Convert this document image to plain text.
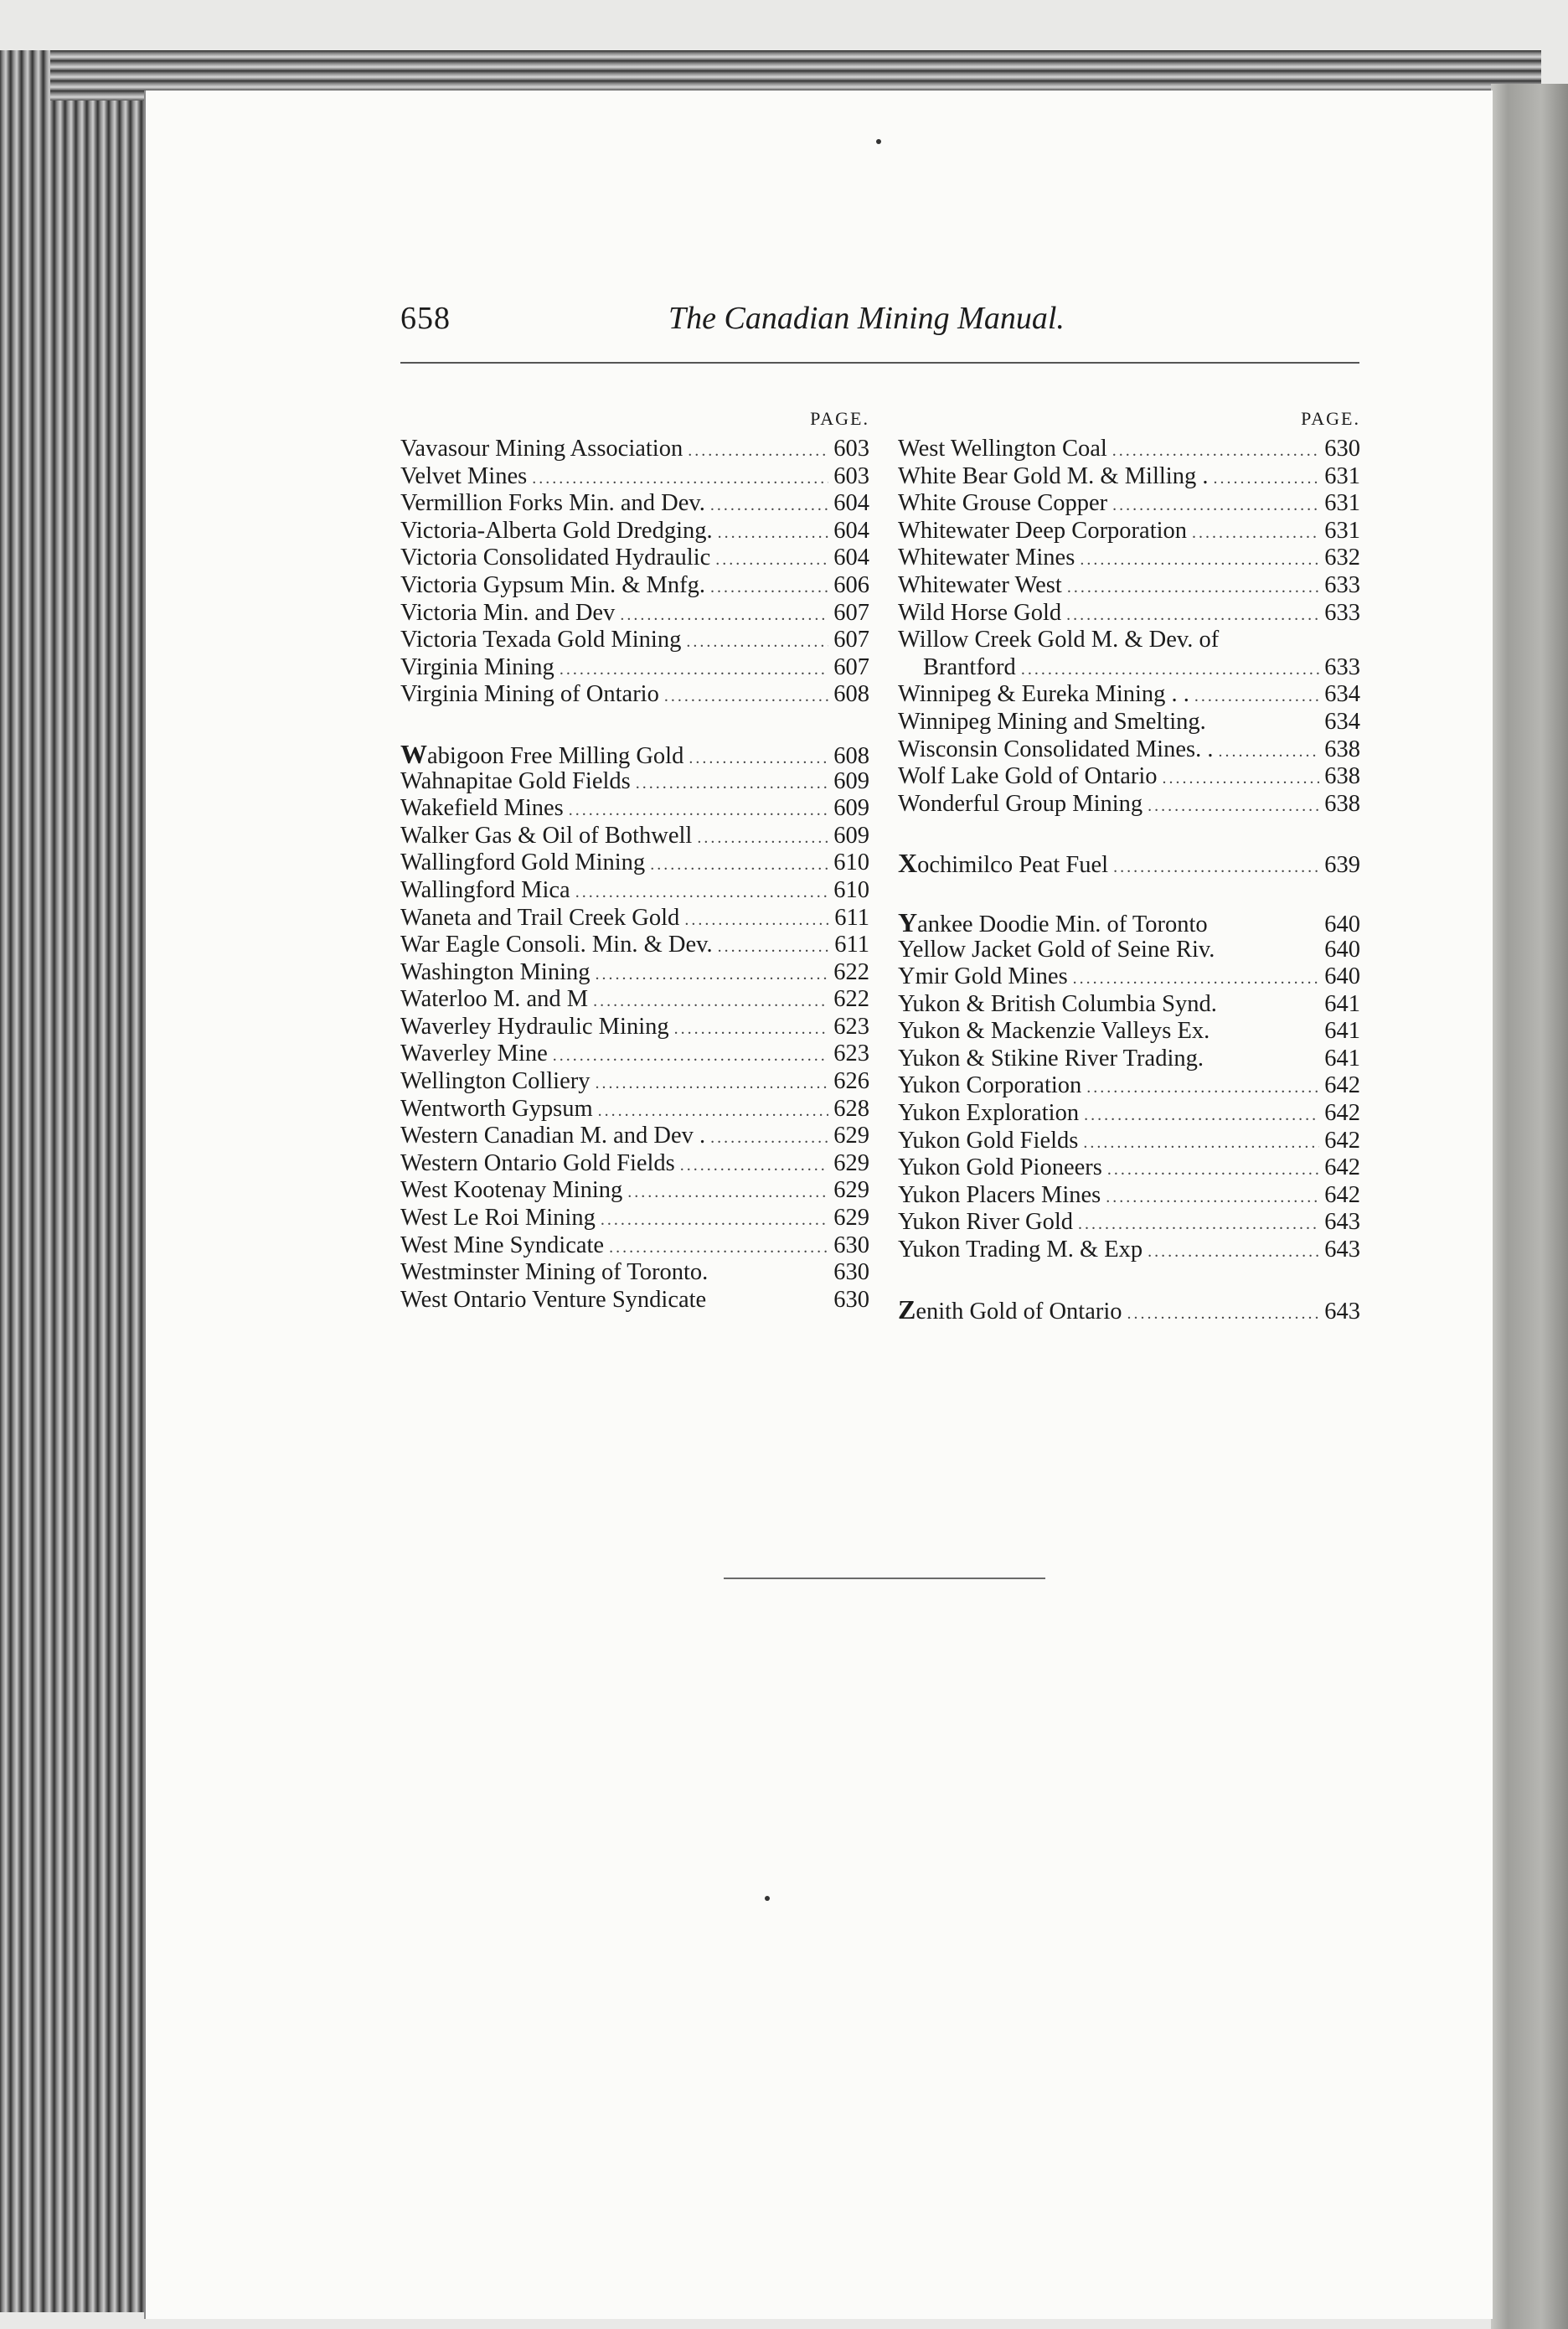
658	The Canadian Mining Manual.
PAGE.
Vavasour Mining Association .....	603
Velvet Mines .....	603
Vermillion Forks Min. and Dev. .....	604
Victoria-Alberta Gold Dredging. .....	604
Victoria Consolidated Hydraulic .....	604
Victoria Gypsum Min. & Mnfg. .....	606
Victoria Min. and Dev .....	607
Victoria Texada Gold Mining .....	607
Virginia Mining .....	607
Virginia Mining of Ontario .....	608
Wabigoon Free Milling Gold .....	608
Wahnapitae Gold Fields .....	609
Wakefield Mines .....	609
Walker Gas & Oil of Bothwell .....	609
Wallingford Gold Mining .....	610
Wallingford Mica .....	610
Waneta and Trail Creek Gold .....	611
War Eagle Consoli. Min. & Dev. .....	611
Washington Mining .....	622
Waterloo M. and M .....	622
Waverley Hydraulic Mining .....	623
Waverley Mine .....	623
Wellington Colliery .....	626
Wentworth Gypsum .....	628
Western Canadian M. and Dev . .....	629
Western Ontario Gold Fields .....	629
West Kootenay Mining .....	629
West Le Roi Mining .....	629
West Mine Syndicate .....	630
Westminster Mining of Toronto.	630
West Ontario Venture Syndicate	630
PAGE.
West Wellington Coal .....	630
White Bear Gold M. & Milling . .....	631
White Grouse Copper .....	631
Whitewater Deep Corporation .....	631
Whitewater Mines .....	632
Whitewater West .....	633
Wild Horse Gold .....	633
Willow Creek Gold M. & Dev. of
Brantford .....	633
Winnipeg & Eureka Mining . . .....	634
Winnipeg Mining and Smelting.	634
Wisconsin Consolidated Mines. . .....	638
Wolf Lake Gold of Ontario .....	638
Wonderful Group Mining .....	638
Xochimilco Peat Fuel .....	639
Yankee Doodie Min. of Toronto	640
Yellow Jacket Gold of Seine Riv.	640
Ymir Gold Mines .....	640
Yukon & British Columbia Synd.	641
Yukon & Mackenzie Valleys Ex.	641
Yukon & Stikine River Trading.	641
Yukon Corporation .....	642
Yukon Exploration .....	642
Yukon Gold Fields .....	642
Yukon Gold Pioneers .....	642
Yukon Placers Mines .....	642
Yukon River Gold .....	643
Yukon Trading M. & Exp .....	643
Zenith Gold of Ontario .....	643
